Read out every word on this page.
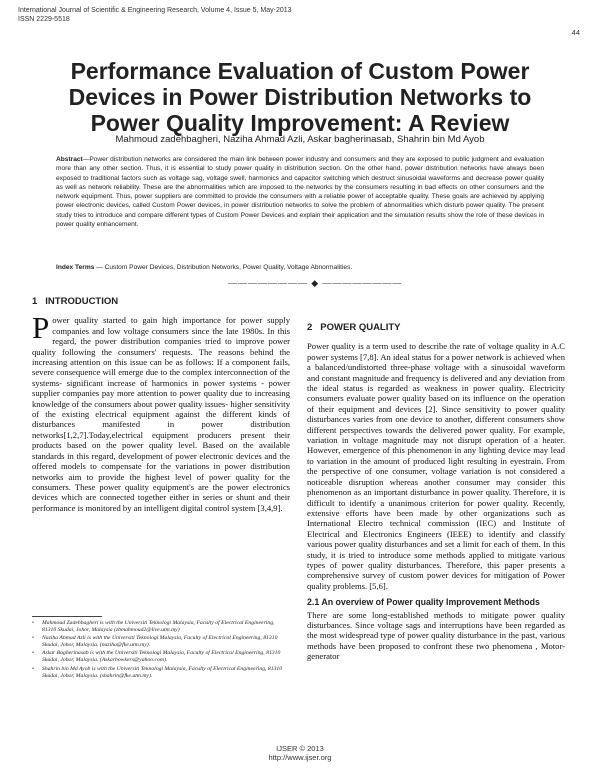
International Journal of Scientific & Engineering Research, Volume 4, Issue 5, May-2013
ISSN 2229-5518
44
Performance Evaluation of Custom Power Devices in Power Distribution Networks to Power Quality Improvement: A Review
Mahmoud zadehbagheri, Naziha Ahmad Azli, Askar bagherinasab, Shahrin bin Md Ayob
Abstract—Power distribution networks are considered the main link between power industry and consumers and they are exposed to public judgment and evaluation more than any other section. Thus, it is essential to study power quality in distribution section. On the other hand, power distribution networks have always been exposed to traditional factors such as voltage sag, voltage swell, harmonics and capacitor switching which destruct sinusoidal waveforms and decrease power quality as well as network reliability. These are the abnormalities which are imposed to the networks by the consumers resulting in bad effects on other consumers and the network equipment. Thus, power suppliers are committed to provide the consumers with a reliable power of acceptable quality. These goals are achieved by applying power electronic devices, called Custom Power devices, in power distribution networks to solve the problem of abnormalities which disturb power quality. The present study tries to introduce and compare different types of Custom Power Devices and explain their application and the simulation results show the role of these devices in power quality enhancement.
Index Terms — Custom Power Devices, Distribution Networks, Power Quality, Voltage Abnormalities.
———————— ◆ ————————
1 INTRODUCTION

Power quality started to gain high importance for power supply companies and low voltage consumers since the late 1980s. In this regard, the power distribution companies tried to improve power quality following the consumers' requests. The reasons behind the increasing attention on this issue can be as follows: If a component fails, severe consequence will emerge due to the complex interconnection of the systems- significant increase of harmonics in power systems - power supplier companies pay more attention to power quality due to increasing knowledge of the consumers about power quality issues- higher sensitivity of the existing electrical equipment against the different kinds of disturbances manifested in power distribution networks[1,2,7].Today,electrical equipment producers present their products based on the power quality level. Based on the available standards in this regard, development of power electronic devices and the offered models to compensate for the variations in power distribution networks aim to provide the highest level of power quality for the consumers. These power quality equipment's are the power electronics devices which are connected together either in series or shunt and their performance is monitored by an intelligent digital control system [3,4,9].

2 POWER QUALITY

Power quality is a term used to describe the rate of voltage quality in A.C power systems [7,8]. An ideal status for a power network is achieved when a balanced/undistorted three-phase voltage with a sinusoidal waveform and constant magnitude and frequency is delivered and any deviation from the ideal status is regarded as weakness in power quality. Electricity consumers evaluate power quality based on its influence on the operation of their equipment and devices [2]. Since sensitivity to power quality disturbances varies from one device to another, different consumers show different perspectives towards the delivered power quality. For example, variation in voltage magnitude may not disrupt operation of a heater. However, emergence of this phenomenon in any lighting device may lead to variation in the amount of produced light resulting in eyestrain. From the perspective of one consumer, voltage variation is not considered a noticeable disruption whereas another consumer may consider this phenomenon as an important disturbance in power quality. Therefore, it is difficult to identify a unanimous criterion for power quality. Recently, extensive efforts have been made by other organizations such as International Electro technical commission (IEC) and Institute of Electrical and Electronics Engineers (IEEE) to identify and classify various power quality disturbances and set a limit for each of them. In this study, it is tried to introduce some methods applied to mitigate various types of power quality disturbances. Therefore, this paper presents a comprehensive survey of custom power devices for mitigation of Power quality problems. [5,6].

2.1 An overview of Power quality Improvement Methods

There are some long-established methods to mitigate power quality disturbances. Since voltage sags and interruptions have been regarded as the most widespread type of power quality disturbance in the past, various methods have been proposed to confront these two phenomena , Motor-generator

• Mahmoud Zadehbagheri is with the Universiti Teknologi Malaysia, Faculty of Electrical Engineering, 81310 Skudai, Johor, Malaysia (zbmahmoud2@live.utm.my)
• Naziha Ahmad Azli is with the Universiti Teknologi Malaysia, Faculty of Electrical Engineering, 81310 Skudai, Johor, Malaysia. (naziha@fke.utm.my).
• Askar Bagherinasab is with the Universiti Teknologi Malaysia, Faculty of Electrical Engineering, 81310 Skudai, Johor, Malaysia. (Askarbowkers@yahoo.com).
• Shahrin bin Md Ayob is with the Universiti Teknologi Malaysia, Faculty of Electrical Engineering, 81310 Skudai, Johor, Malaysia. (shahrin@fke.utm.my).
IJSER © 2013
http://www.ijser.org
